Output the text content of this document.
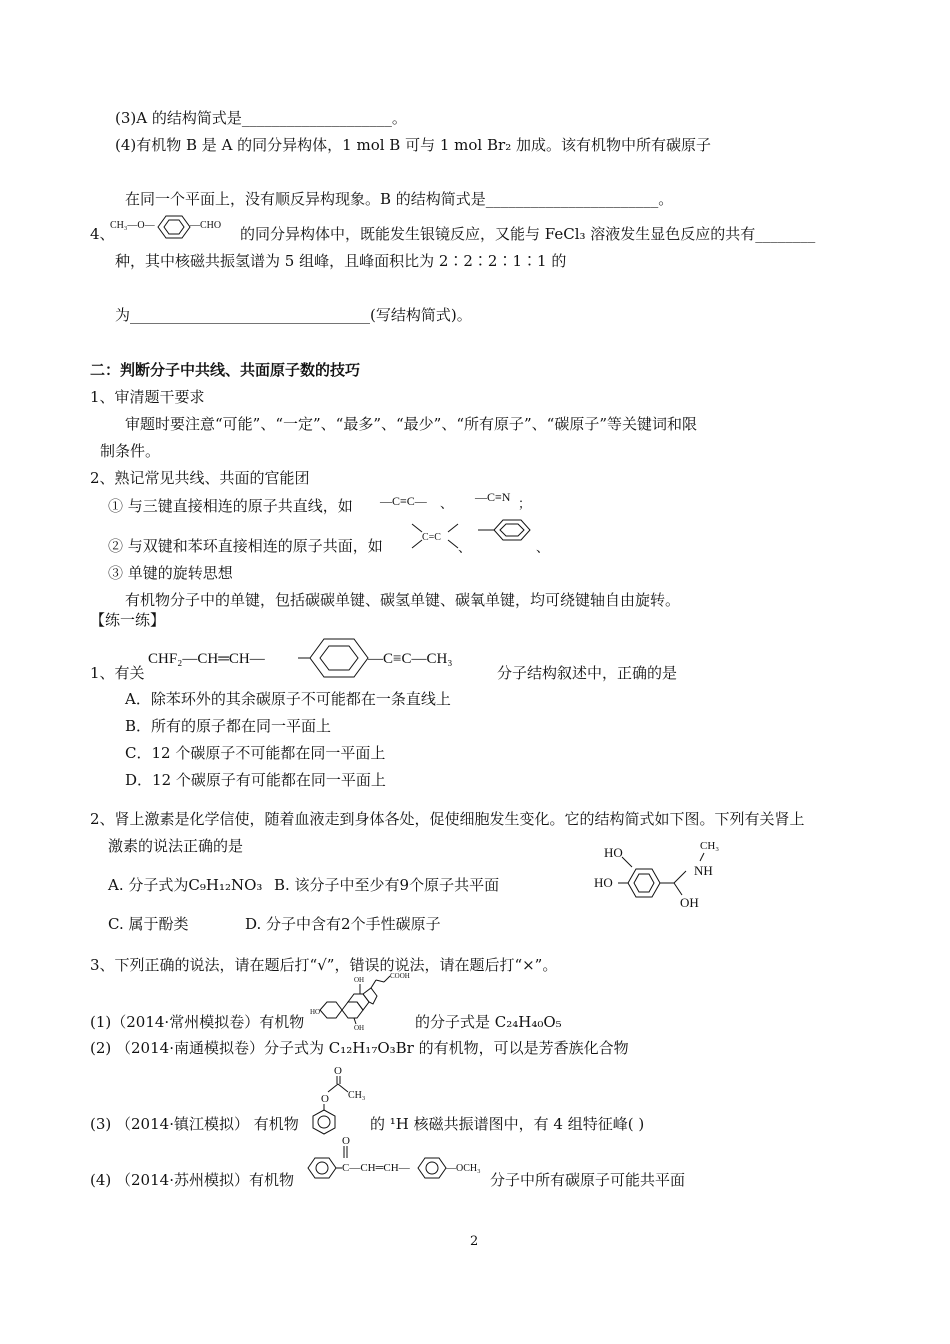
(3)A 的结构简式是____________________。
(4)有机物 B 是 A 的同分异构体，1 mol B 可与 1 mol Br₂ 加成。该有机物中所有碳原子
在同一个平面上，没有顺反异构现象。B 的结构简式是_______________________。
4、
CH₃—O—	—CHO 的同分异构体中，既能发生银镜反应，又能与 FeCl₃ 溶液发生显色反应的共有________
种，其中核磁共振氢谱为 5 组峰，且峰面积比为 2∶2∶2∶1∶1 的
为________________________________(写结构简式)。
二：判断分子中共线、共面原子数的技巧
1、审清题干要求
审题时要注意“可能”、“一定”、“最多”、“最少”、“所有原子”、“碳原子”等关键词和限
制条件。
2、熟记常见共线、共面的官能团
① 与三键直接相连的原子共直线，如 —C≡C— 、 —C≡N ；
② 与双键和苯环直接相连的原子共面，如	C=C
、	、
③ 单键的旋转思想
有机物分子中的单键，包括碳碳单键、碳氢单键、碳氧单键，均可绕键轴自由旋转。
【练一练】
1、有关
CHF₂—CH═CH—	—C≡C—CH₃
分子结构叙述中，正确的是
A．除苯环外的其余碳原子不可能都在一条直线上
B．所有的原子都在同一平面上
C．12 个碳原子不可能都在同一平面上
D．12 个碳原子有可能都在同一平面上
2、肾上激素是化学信使，随着血液走到身体各处，促使细胞发生变化。它的结构简式如下图。下列有关肾上
激素的说法正确的是
A. 分子式为C₉H₁₂NO₃ B. 该分子中至少有9个原子共平面
C. 属于酚类	D. 分子中含有2个手性碳原子
HO
HO
OH
NH
CH₃
3、下列正确的说法，请在题后打“√”，错误的说法，请在题后打“×”。
(1)（2014·常州模拟卷）有机物
OH	COOH
HO
OH	的分子式是 C₂₄H₄₀O₅
(2) （2014·南通模拟卷）分子式为 C₁₂H₁₇O₃Br 的有机物，可以是芳香族化合物
(3) （2014·镇江模拟） 有机物
O
CH₃
O
的 ¹H 核磁共振谱图中，有 4 组特征峰( )
(4) （2014·苏州模拟）有机物
O
C—CH═CH—	—OCH₃
分子中所有碳原子可能共平面
2
